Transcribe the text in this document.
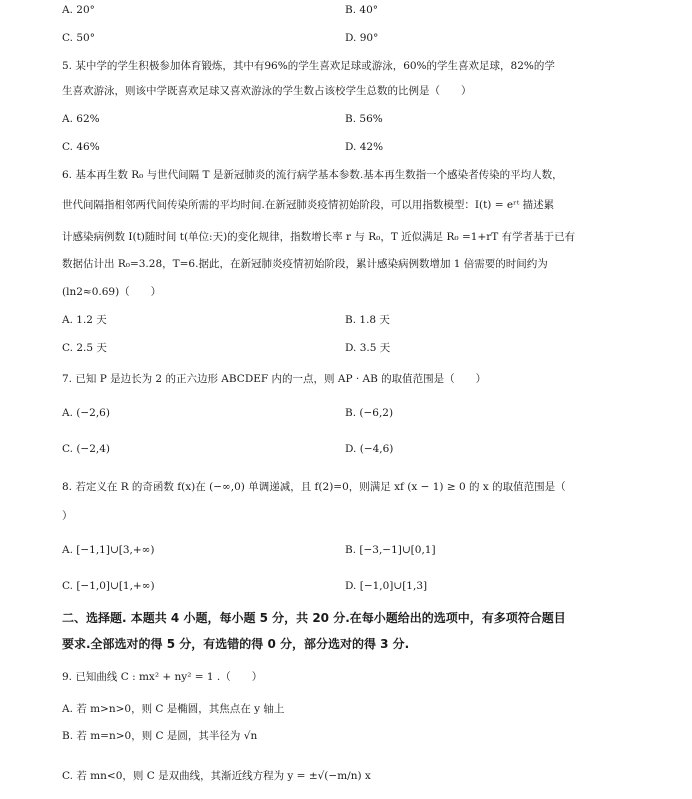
A. 20°	B. 40°
C. 50°	D. 90°
5. 某中学的学生积极参加体育锻炼，其中有96%的学生喜欢足球或游泳，60%的学生喜欢足球，82%的学
生喜欢游泳，则该中学既喜欢足球又喜欢游泳的学生数占该校学生总数的比例是（　　）
A. 62%	B. 56%
C. 46%	D. 42%
6. 基本再生数 R₀ 与世代间隔 T 是新冠肺炎的流行病学基本参数.基本再生数指一个感染者传染的平均人数，
世代间隔指相邻两代间传染所需的平均时间.在新冠肺炎疫情初始阶段，可以用指数模型：I(t) = eʳᵗ 描述累
计感染病例数 I(t)随时间 t(单位:天)的变化规律，指数增长率 r 与 R₀，T 近似满足 R₀ =1+rT 有学者基于已有
数据估计出 R₀=3.28，T=6.据此，在新冠肺炎疫情初始阶段，累计感染病例数增加 1 倍需要的时间约为
(ln2≈0.69)（　　）
A. 1.2 天	B. 1.8 天
C. 2.5 天	D. 3.5 天
7. 已知 P 是边长为 2 的正六边形 ABCDEF 内的一点，则 AP · AB 的取值范围是（　　）
A. (−2,6)	B. (−6,2)
C. (−2,4)	D. (−4,6)
8. 若定义在 R 的奇函数 f(x)在 (−∞,0) 单调递减，且 f(2)=0，则满足 xf (x − 1) ≥ 0 的 x 的取值范围是（
）
A. [−1,1]∪[3,+∞)	B. [−3,−1]∪[0,1]
C. [−1,0]∪[1,+∞)	D. [−1,0]∪[1,3]
二、选择题. 本题共 4 小题，每小题 5 分，共 20 分.在每小题给出的选项中，有多项符合题目
要求.全部选对的得 5 分，有选错的得 0 分，部分选对的得 3 分.
9. 已知曲线 C : mx² + ny² = 1 .（　　）
A. 若 m>n>0，则 C 是椭圆，其焦点在 y 轴上
B. 若 m=n>0，则 C 是圆，其半径为 √n
C. 若 mn<0，则 C 是双曲线，其渐近线方程为 y = ±√(−m/n) x
